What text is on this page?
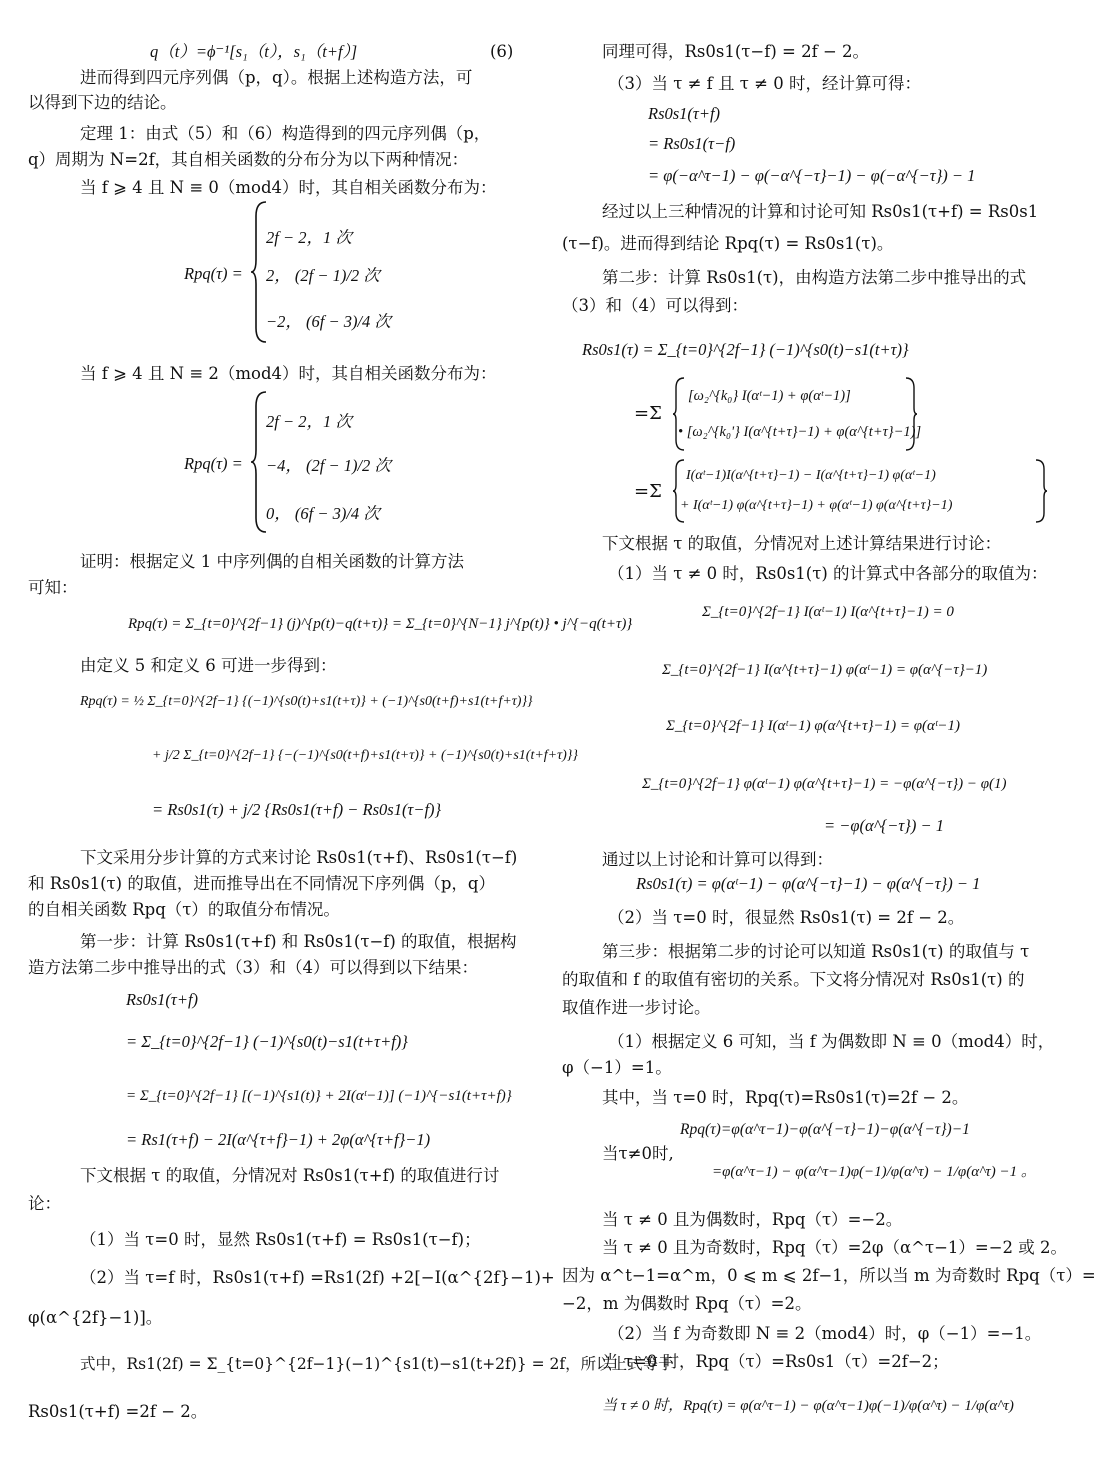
q（t）=ϕ⁻¹[s₁（t），s₁（t+f）]	(6)
进而得到四元序列偶（p，q）。根据上述构造方法，可
以得到下边的结论。
定理 1：由式（5）和（6）构造得到的四元序列偶（p，
q）周期为 N=2f，其自相关函数的分布分为以下两种情况：
当 f ⩾ 4 且 N ≡ 0（mod4）时，其自相关函数分布为：
Rpq(τ) =
2f − 2，1 次
2， (2f − 1)/2 次
−2， (6f − 3)/4 次
当 f ⩾ 4 且 N ≡ 2（mod4）时，其自相关函数分布为：
Rpq(τ) =
2f − 2，1 次
−4， (2f − 1)/2 次
0， (6f − 3)/4 次
证明：根据定义 1 中序列偶的自相关函数的计算方法
可知：
Rpq(τ) = Σ_{t=0}^{2f−1} (j)^{p(t)−q(t+τ)} = Σ_{t=0}^{N−1} j^{p(t)} • j^{−q(t+τ)}
由定义 5 和定义 6 可进一步得到：
Rpq(τ) = ½ Σ_{t=0}^{2f−1} {(−1)^{s0(t)+s1(t+τ)} + (−1)^{s0(t+f)+s1(t+f+τ)}}
+ j/2 Σ_{t=0}^{2f−1} {−(−1)^{s0(t+f)+s1(t+τ)} + (−1)^{s0(t)+s1(t+f+τ)}}
= Rs0s1(τ) + j/2 {Rs0s1(τ+f) − Rs0s1(τ−f)}
下文采用分步计算的方式来讨论 Rs0s1(τ+f)、Rs0s1(τ−f)
和 Rs0s1(τ) 的取值，进而推导出在不同情况下序列偶（p，q）
的自相关函数 Rpq（τ）的取值分布情况。
第一步：计算 Rs0s1(τ+f) 和 Rs0s1(τ−f) 的取值，根据构
造方法第二步中推导出的式（3）和（4）可以得到以下结果：
Rs0s1(τ+f)
= Σ_{t=0}^{2f−1} (−1)^{s0(t)−s1(t+τ+f)}
= Σ_{t=0}^{2f−1} [(−1)^{s1(t)} + 2I(αᵗ−1)] (−1)^{−s1(t+τ+f)}
= Rs1(τ+f) − 2I(α^{τ+f}−1) + 2φ(α^{τ+f}−1)
下文根据 τ 的取值，分情况对 Rs0s1(τ+f) 的取值进行讨
论：
（1）当 τ=0 时，显然 Rs0s1(τ+f) = Rs0s1(τ−f)；
（2）当 τ=f 时，Rs0s1(τ+f) =Rs1(2f) +2[−I(α^{2f}−1)+
φ(α^{2f}−1)]。
式中，Rs1(2f) = Σ_{t=0}^{2f−1}(−1)^{s1(t)−s1(t+2f)} = 2f，所以上式等于
Rs0s1(τ+f) =2f − 2。
同理可得，Rs0s1(τ−f) = 2f − 2。
（3）当 τ ≠ f 且 τ ≠ 0 时，经计算可得：
Rs0s1(τ+f)
= Rs0s1(τ−f)
= φ(−α^τ−1) − φ(−α^{−τ}−1) − φ(−α^{−τ}) − 1
经过以上三种情况的计算和讨论可知 Rs0s1(τ+f) = Rs0s1
(τ−f)。进而得到结论 Rpq(τ) = Rs0s1(τ)。
第二步：计算 Rs0s1(τ)，由构造方法第二步中推导出的式
（3）和（4）可以得到：
Rs0s1(τ) = Σ_{t=0}^{2f−1} (−1)^{s0(t)−s1(t+τ)}
=Σ
[ω₂^{k₀} I(αᵗ−1) + φ(αᵗ−1)]
• [ω₂^{k₀'} I(α^{t+τ}−1) + φ(α^{t+τ}−1)]
=Σ
I(αᵗ−1)I(α^{t+τ}−1) − I(α^{t+τ}−1) φ(αᵗ−1)
+ I(αᵗ−1) φ(α^{t+τ}−1) + φ(αᵗ−1) φ(α^{t+τ}−1)
下文根据 τ 的取值，分情况对上述计算结果进行讨论：
（1）当 τ ≠ 0 时，Rs0s1(τ) 的计算式中各部分的取值为：
Σ_{t=0}^{2f−1} I(αᵗ−1) I(α^{t+τ}−1) = 0
Σ_{t=0}^{2f−1} I(α^{t+τ}−1) φ(αᵗ−1) = φ(α^{−τ}−1)
Σ_{t=0}^{2f−1} I(αᵗ−1) φ(α^{t+τ}−1) = φ(αᵗ−1)
Σ_{t=0}^{2f−1} φ(αᵗ−1) φ(α^{t+τ}−1) = −φ(α^{−τ}) − φ(1)
= −φ(α^{−τ}) − 1
通过以上讨论和计算可以得到：
Rs0s1(τ) = φ(αᵗ−1) − φ(α^{−τ}−1) − φ(α^{−τ}) − 1
（2）当 τ=0 时，很显然 Rs0s1(τ) = 2f − 2。
第三步：根据第二步的讨论可以知道 Rs0s1(τ) 的取值与 τ
的取值和 f 的取值有密切的关系。下文将分情况对 Rs0s1(τ) 的
取值作进一步讨论。
（1）根据定义 6 可知，当 f 为偶数即 N ≡ 0（mod4）时，
φ（−1）=1。
其中，当 τ=0 时，Rpq(τ)=Rs0s1(τ)=2f − 2。
Rpq(τ)=φ(α^τ−1)−φ(α^{−τ}−1)−φ(α^{−τ})−1
当τ≠0时,
=φ(α^τ−1) − φ(α^τ−1)φ(−1)/φ(α^τ) − 1/φ(α^τ) −1 。
当 τ ≠ 0 且为偶数时，Rpq（τ）=−2。
当 τ ≠ 0 且为奇数时，Rpq（τ）=2φ（α^τ−1）=−2 或 2。
因为 α^t−1=α^m，0 ⩽ m ⩽ 2f−1，所以当 m 为奇数时 Rpq（τ）=
−2，m 为偶数时 Rpq（τ）=2。
（2）当 f 为奇数即 N ≡ 2（mod4）时，φ（−1）=−1。
当 τ=0 时，Rpq（τ）=Rs0s1（τ）=2f−2；
当 τ ≠ 0 时，Rpq(τ) = φ(α^τ−1) − φ(α^τ−1)φ(−1)/φ(α^τ) − 1/φ(α^τ)
